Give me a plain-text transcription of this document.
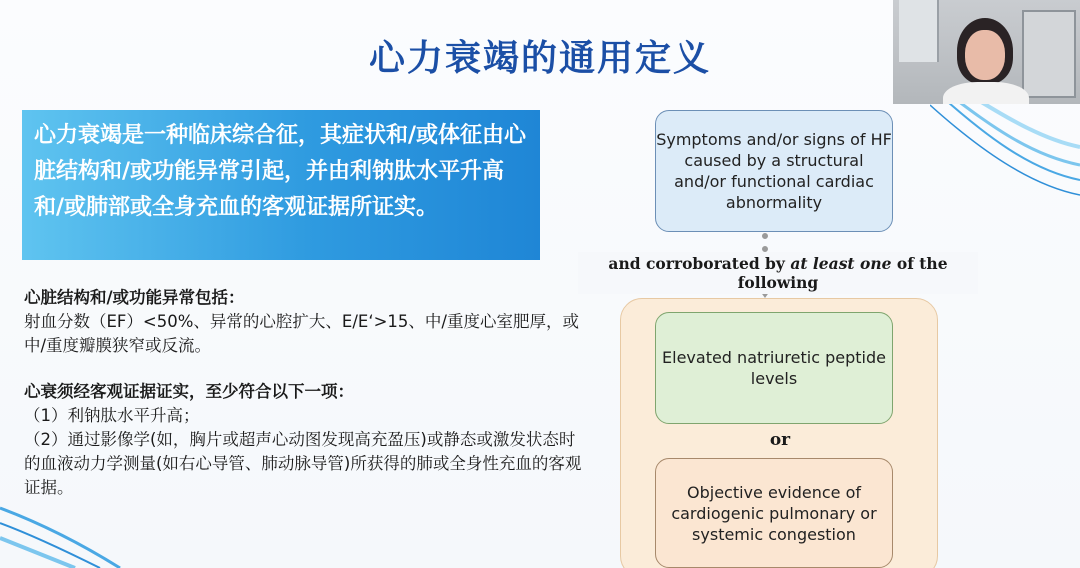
心力衰竭的通用定义
心力衰竭是一种临床综合征，其症状和/或体征由心脏结构和/或功能异常引起，并由利钠肽水平升高和/或肺部或全身充血的客观证据所证实。
心脏结构和/或功能异常包括：
射血分数（EF）<50%、异常的心腔扩大、E/E‘>15、中/重度心室肥厚，或中/重度瓣膜狭窄或反流。
心衰须经客观证据证实，至少符合以下一项：
（1）利钠肽水平升高；
（2）通过影像学(如，胸片或超声心动图发现高充盈压)或静态或激发状态时的血液动力学测量(如右心导管、肺动脉导管)所获得的肺或全身性充血的客观证据。
Symptoms and/or signs of HF caused by a structural and/or functional cardiac abnormality
and corroborated by at least one of the following
Elevated natriuretic peptide levels
or
Objective evidence of cardiogenic pulmonary or systemic congestion
